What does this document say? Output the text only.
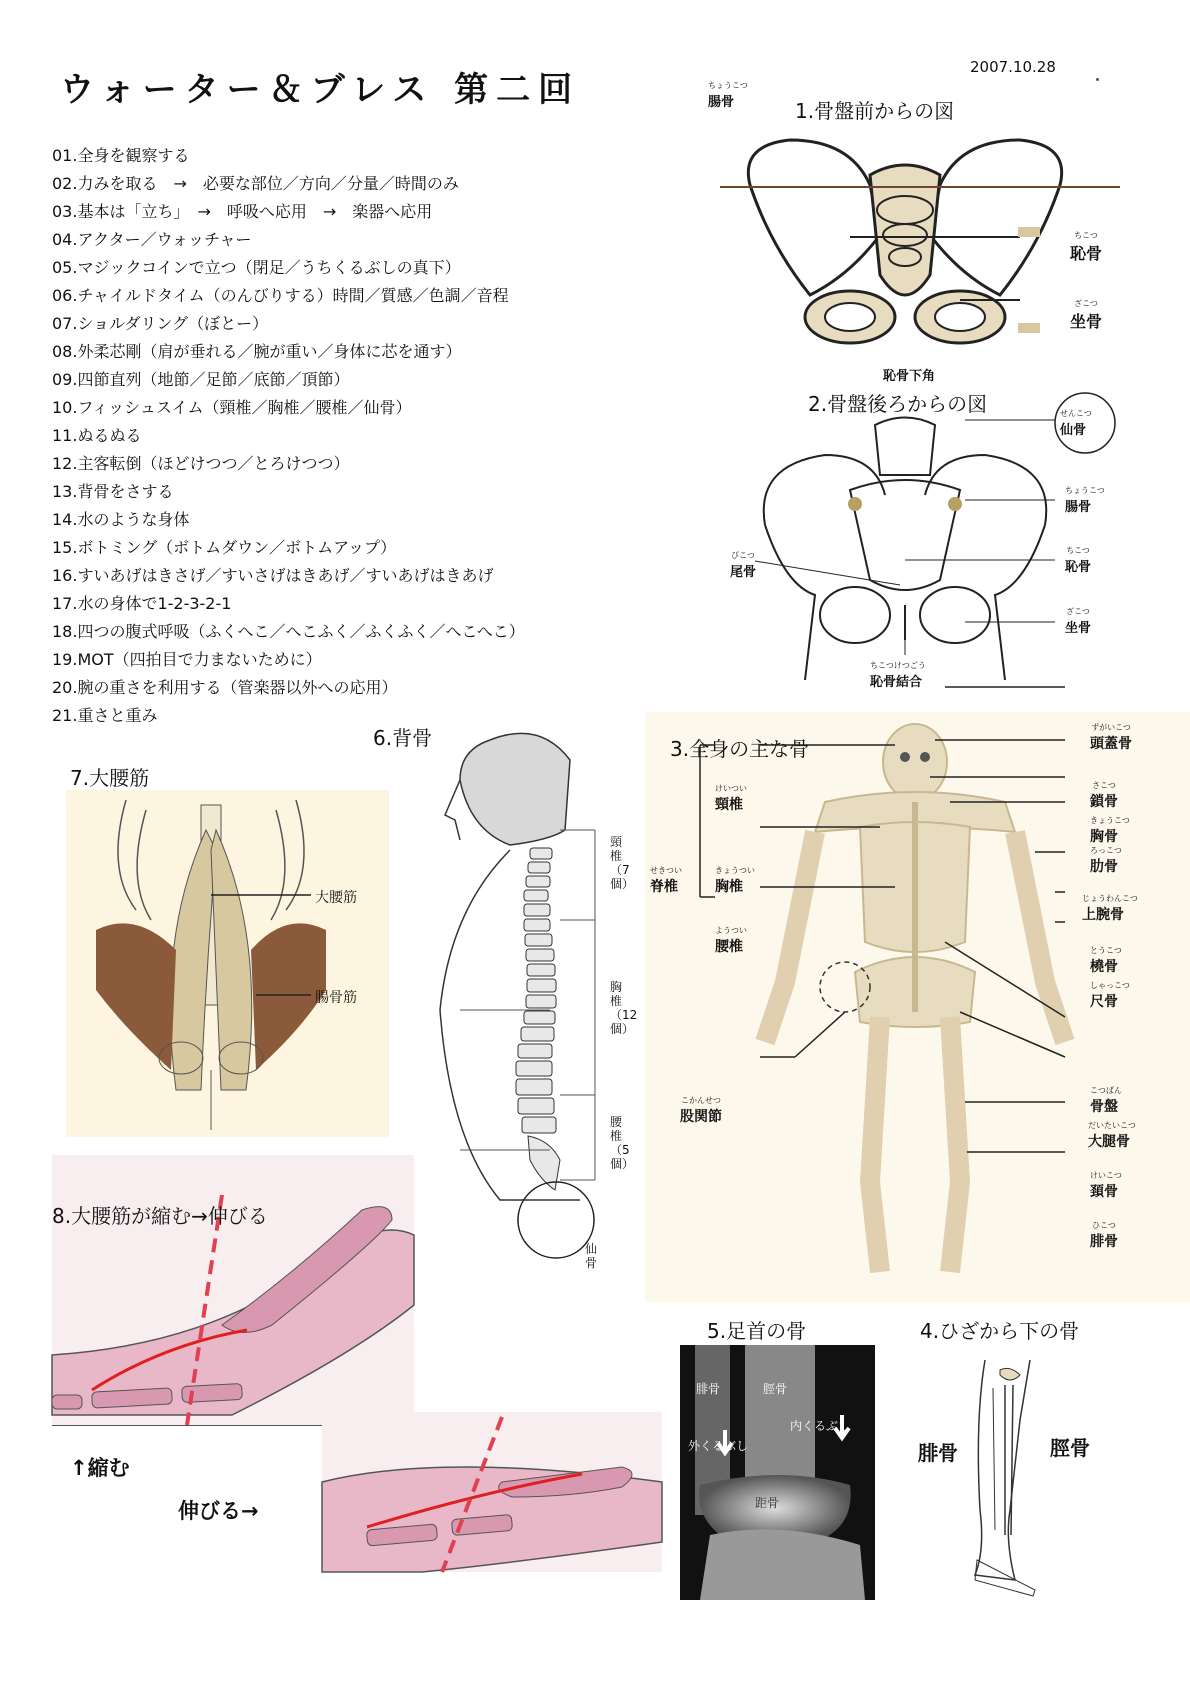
ウォーター＆ブレス 第二回
2007.10.28
01.全身を観察する
02.力みを取る　→　必要な部位／方向／分量／時間のみ
03.基本は「立ち」　→　呼吸へ応用　→　楽器へ応用
04.アクター／ウォッチャー
05.マジックコインで立つ（閉足／うちくるぶしの真下）
06.チャイルドタイム（のんびりする）時間／質感／色調／音程
07.ショルダリング（ぼとー）
08.外柔芯剛（肩が垂れる／腕が重い／身体に芯を通す）
09.四節直列（地節／足節／底節／頂節）
10.フィッシュスイム（頸椎／胸椎／腰椎／仙骨）
11.ぬるぬる
12.主客転倒（ほどけつつ／とろけつつ）
13.背骨をさする
14.水のような身体
15.ボトミング（ボトムダウン／ボトムアップ）
16.すいあげはきさげ／すいさげはきあげ／すいあげはきあげ
17.水の身体で1-2-3-2-1
18.四つの腹式呼吸（ふくへこ／へこふく／ふくふく／へこへこ）
19.MOT（四拍目で力まないために）
20.腕の重さを利用する（管楽器以外への応用）
21.重さと重み
1.骨盤前からの図
ちょうこつ
腸骨
ちこつ
恥骨
ざこつ
坐骨
恥骨下角
2.骨盤後ろからの図	せんこつ
仙骨
ちょうこつ
腸骨
びこつ
尾骨
ちこつ
恥骨
ざこつ
坐骨
ちこつけつごう
恥骨結合
7.大腰筋
大腰筋
腸骨筋
6.背骨
頸
椎
（7
個）
胸
椎
（12
個）
腰
椎
（5
個）
仙
骨
3.全身の主な骨
けいつい
頸椎
せきつい
脊椎
きょうつい
胸椎
ようつい
腰椎
こかんせつ
股関節
ずがいこつ
頭蓋骨
さこつ
鎖骨
きょうこつ
胸骨
ろっこつ
肋骨
じょうわんこつ
上腕骨
とうこつ
橈骨
しゃっこつ
尺骨
こつばん
骨盤
だいたいこつ
大腿骨
けいこつ
頚骨
ひこつ
腓骨
8.大腰筋が縮む→伸びる
↑縮む
伸びる→
5.足首の骨
腓骨	脛骨
外くるぶし
内くるぶし
距骨
4.ひざから下の骨
腓骨	脛骨
